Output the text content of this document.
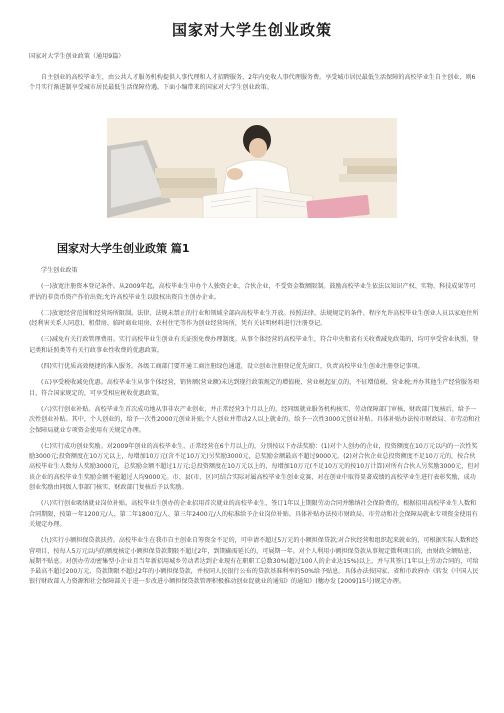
国家对大学生创业政策

国家对大学生创业政策（通用9篇）

自主创业的高校毕业生，由公共人才服务机构提供人事代理和人才招聘服务，2年内免收人事代理服务费。享受城市居民最低生活保障的高校毕业生自主创业，则6个月实行渐进制享受城市居民最低生活保障待遇。下面小编带来的国家对大学生创业政策。

国家对大学生创业政策 篇1

学生创业政策

(一)放宽注册资本登记条件。从2009年起，高校毕业生申办个人独资企业、合伙企业，不受资金数额限制。鼓励高校毕业生依法以知识产权、实物、科技成果等可评估的非货币资产作价出资;允许高校毕业生以股权出资自主创办企业。

(二)放宽经营范围和经营场所限制。法律、法规未禁止的行业和领域全部向高校毕业生开放。按照法律、法规规定的条件、程序允许高校毕业生创业人员以家庭住所(经利害关系人同意)、租借房、临时商业用房、农村住宅等作为创业经营场所，凭有关证明材料进行注册登记。

(三)减免有关行政管理费用。实行高校毕业生创业有关证照免费办理制度。从事个体经营的高校毕业生，符合申央和省有关收费减免政策的，均可享受营业执照、登记类和证照类等有关行政事业性收费的优惠政策。

(四)实行优质高效便捷的准入服务。各级工商部门要开通工商注册绿色通道，设立创业注册登记优先窗口，负责高校毕业生创业注册登记事项。

(五)享受税收减免优惠。高校毕业生从事个体经营，销售额(营业额)未达到现行政策规定的增值税、营业税起征点的，不征增值税、营业税;并办其他生产经营服务项目，符合国家规定的，可享受相应税收优惠政策。

(六)实行创业补贴。高校毕业生首次成功地从事非农产业创业，并正常经营3个月以上的，经同级就业服务机构核实、劳动保障部门审核、财政部门复核后，给予一次性创业补贴。其中，个人创业的，给予一次性2000元创业补贴;个人创业并带动2人以上就业的，给予一次性3000元创业补贴。具体补贴办法按市财政局、市劳动和社会保障局就业专项资金使用有关规定办理。

(七)实行成功创业奖励。对2009年创业的高校毕业生，正常经营在6个月以上的，分别按以下办法奖励：(1)对个人创办的企业，投资额度在10万元以内的一次性奖励3000元;投资额度在10万元以上，每增加10万元(含不足10万元)另奖励3000元，总奖励金额最高不超过9000元。(2)对合伙企业总投资额度不足10万元的，按合伙高校毕业生人数每人奖励3000元，总奖励金额不超过1万元;总投资额度在10万元以上的，每增加10万元(不足10万元的按10万计算)对所有合伙人另奖励3000元，但对该企业的高校毕业生奖励金额不能超过人均9000元。市、县(市、区)可结合实际对属高校毕业生创业竞赛，对在创业中取得显著成绩的高校毕业生进行表彰奖励，成功创业奖励由同级人事部门核实、财政部门复核后予以奖励。

(八)实行创业吸纳就业岗位补贴。高校毕业生创办的企业招用首次就业的高校毕业生，签订1年以上期限劳动合同并缴纳社会保险费的，根据招用高校毕业生人数和合同期限，按第一年1200元/人、第二年1800元/人、第三年2400元/人的标准给予企业岗位补贴。具体补贴办法按市财政局、市劳动和社会保障局就业专项资金使用有关规定办理。

(九)实行小额担保贷款扶持。高校毕业生在我市自主创业自筹资金不足的，可申请不超过5万元的小额担保贷款;对合伙经营和组织起来就业的，可根据实际人数和经营项目，按每人5万元以内的额度核定小额担保贷款期限不超过2年，到期确需延长的，可展期一年。对个人利用小额担保贷款从事规定微利项目的，由财政全额贴息，展期不贴息。对创办劳动密集型小企业且当年新招用城乡劳动者达到企业现有在职职工总数30%(超过100人的企业达15%)以上，并与其签订1年以上劳动合同的，可给予最高不超过200万元、贷款期限不超过2年的小额担保贷款，并按同人民银行公布的贷款基准利率的50%给予贴息。具体办法按国家、省和市政府办《转发《中国人民银行财政部人力资源和社会保障部关于进一步改进小额担保贷款管理积极推动创业促就业的通知》的通知》(穗办发 [2009]15号)规定办理。
